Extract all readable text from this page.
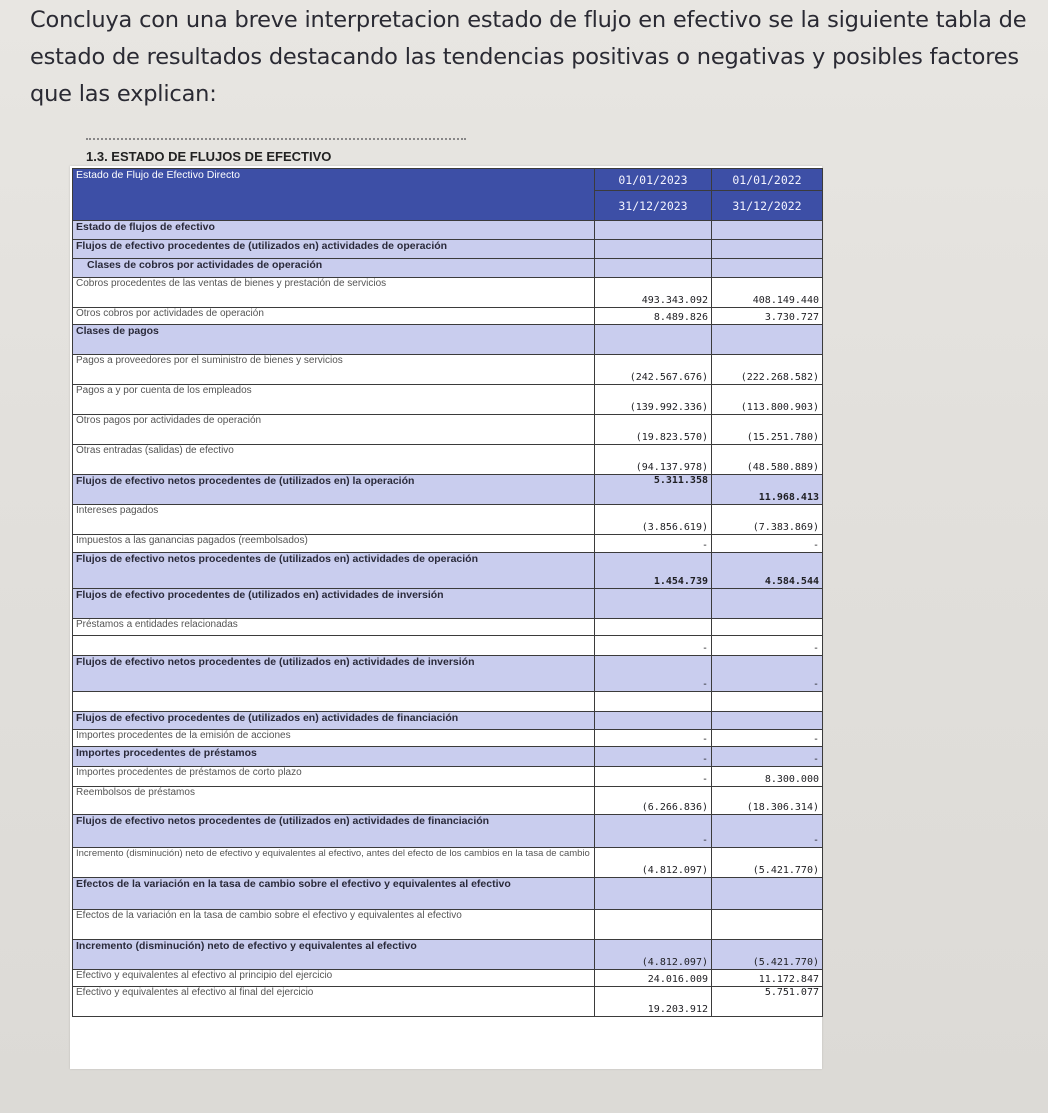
Concluya con una breve interpretacion estado de flujo en efectivo se la siguiente tabla de
estado de resultados destacando las tendencias positivas o negativas y posibles factores
que las explican:
1.3. ESTADO DE FLUJOS DE EFECTIVO
Estado de Flujo de Efectivo Directo	01/01/2023	01/01/2022
	31/12/2023	31/12/2022
Estado de flujos de efectivo		
Flujos de efectivo procedentes de (utilizados en) actividades de operación		
Clases de cobros por actividades de operación		
Cobros procedentes de las ventas de bienes y prestación de servicios	493.343.092	408.149.440
Otros cobros por actividades de operación	8.489.826	3.730.727
Clases de pagos		
Pagos a proveedores por el suministro de bienes y servicios	(242.567.676)	(222.268.582)
Pagos a y por cuenta de los empleados	(139.992.336)	(113.800.903)
Otros pagos por actividades de operación	(19.823.570)	(15.251.780)
Otras entradas (salidas) de efectivo	(94.137.978)	(48.580.889)
Flujos de efectivo netos procedentes de (utilizados en) la operación	5.311.358	11.968.413
Intereses pagados	(3.856.619)	(7.383.869)
Impuestos a las ganancias pagados (reembolsados)	-	-
Flujos de efectivo netos procedentes de (utilizados en) actividades de operación	1.454.739	4.584.544
Flujos de efectivo procedentes de (utilizados en) actividades de inversión		
Préstamos a entidades relacionadas		
	-	-
Flujos de efectivo netos procedentes de (utilizados en) actividades de inversión	-	-

Flujos de efectivo procedentes de (utilizados en) actividades de financiación		
Importes procedentes de la emisión de acciones	-	-
Importes procedentes de préstamos	-	-
Importes procedentes de préstamos de corto plazo	-	8.300.000
Reembolsos de préstamos	(6.266.836)	(18.306.314)
Flujos de efectivo netos procedentes de (utilizados en) actividades de financiación	-	-
Incremento (disminución) neto de efectivo y equivalentes al efectivo, antes del efecto de los cambios en la tasa de cambio	(4.812.097)	(5.421.770)
Efectos de la variación en la tasa de cambio sobre el efectivo y equivalentes al efectivo		
Efectos de la variación en la tasa de cambio sobre el efectivo y equivalentes al efectivo		
Incremento (disminución) neto de efectivo y equivalentes al efectivo	(4.812.097)	(5.421.770)
Efectivo y equivalentes al efectivo al principio del ejercicio	24.016.009	11.172.847
Efectivo y equivalentes al efectivo al final del ejercicio	19.203.912	5.751.077
